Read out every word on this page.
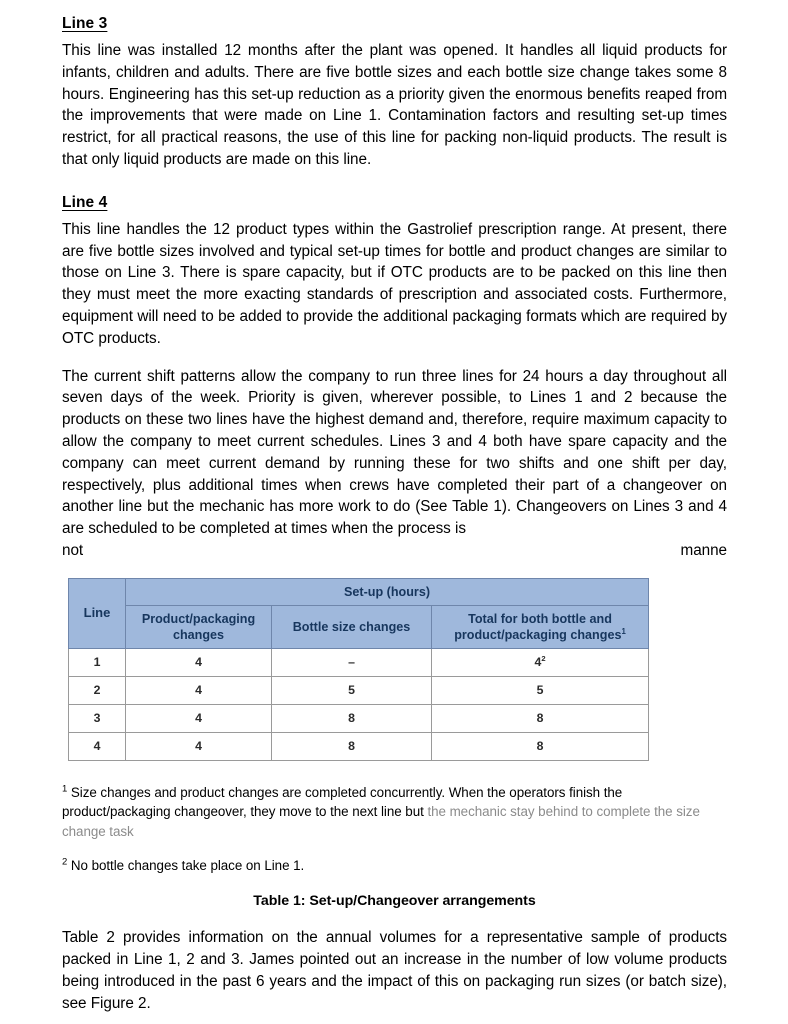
Line 3

This line was installed 12 months after the plant was opened. It handles all liquid products for infants, children and adults. There are five bottle sizes and each bottle size change takes some 8 hours. Engineering has this set-up reduction as a priority given the enormous benefits reaped from the improvements that were made on Line 1. Contamination factors and resulting set-up times restrict, for all practical reasons, the use of this line for packing non-liquid products. The result is that only liquid products are made on this line.

Line 4

This line handles the 12 product types within the Gastrolief prescription range. At present, there are five bottle sizes involved and typical set-up times for bottle and product changes are similar to those on Line 3. There is spare capacity, but if OTC products are to be packed on this line then they must meet the more exacting standards of prescription and associated costs. Furthermore, equipment will need to be added to provide the additional packaging formats which are required by OTC products.

The current shift patterns allow the company to run three lines for 24 hours a day throughout all seven days of the week. Priority is given, wherever possible, to Lines 1 and 2 because the products on these two lines have the highest demand and, therefore, require maximum capacity to allow the company to meet current schedules. Lines 3 and 4 both have spare capacity and the company can meet current demand by running these for two shifts and one shift per day, respectively, plus additional times when crews have completed their part of a changeover on another line but the mechanic has more work to do (See Table 1). Changeovers on Lines 3 and 4 are scheduled to be completed at times when the process is
not	manne
Line	Set-up (hours)		
	Product/packaging changes	Bottle size changes	Total for both bottle and product/packaging changes$^1$
1	4	–	$4^2$
2	4	5	5
3	4	8	8
4	4	8	8

$^1$ Size changes and product changes are completed concurrently. When the operators finish the product/packaging changeover, they move to the next line but the mechanic stay behind to complete the size change task

$^2$ No bottle changes take place on Line 1.

Table 1: Set-up/Changeover arrangements

Table 2 provides information on the annual volumes for a representative sample of products packed in Line 1, 2 and 3. James pointed out an increase in the number of low volume products being introduced in the past 6 years and the impact of this on packaging run sizes (or batch size), see Figure 2.
